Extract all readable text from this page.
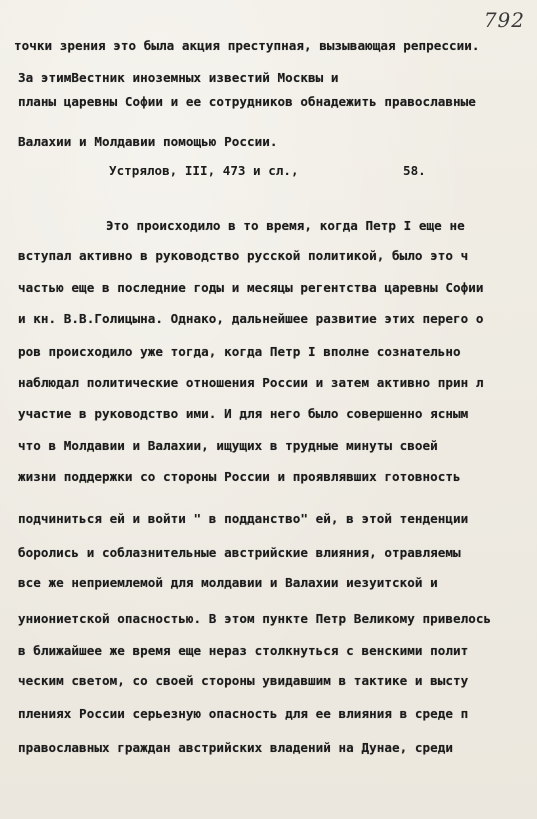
792
точки зрения это была акция преступная, вызывающая репрессии.
За этимВестник иноземных известий Москвы и
планы царевны Софии и ее сотрудников обнадежить православные
Валахии и Молдавии помощью России.
Устрялов, III, 473 и сл.,	58.
Это происходило в то время, когда Петр I еще не
вступал активно в руководство русской политикой, было это ч
частью еще в последние годы и месяцы регентства царевны Софии
и кн. В.В.Голицына. Однако, дальнейшее развитие этих перего о
ров происходило уже тогда, когда Петр I вполне сознательно
наблюдал политические отношения России и затем активно прин л
участие в руководство ими. И для него было совершенно ясным
что в Молдавии и Валахии, ищущих в трудные минуты своей
жизни поддержки со стороны России и проявлявших готовность
подчиниться ей и войти " в подданство" ей, в этой тенденции
боролись и соблазнительные австрийские влияния, отравляемы
все же неприемлемой для молдавии и Валахии иезуитской и
униониетской опасностью. В этом пункте Петр Великому привелось
в ближайшее же время еще нераз столкнуться с венскими полит
ческим светом, со своей стороны увидавшим в тактике и высту
плениях России серьезную опасность для ее влияния в среде п
православных граждан австрийских владений на Дунае, среди
